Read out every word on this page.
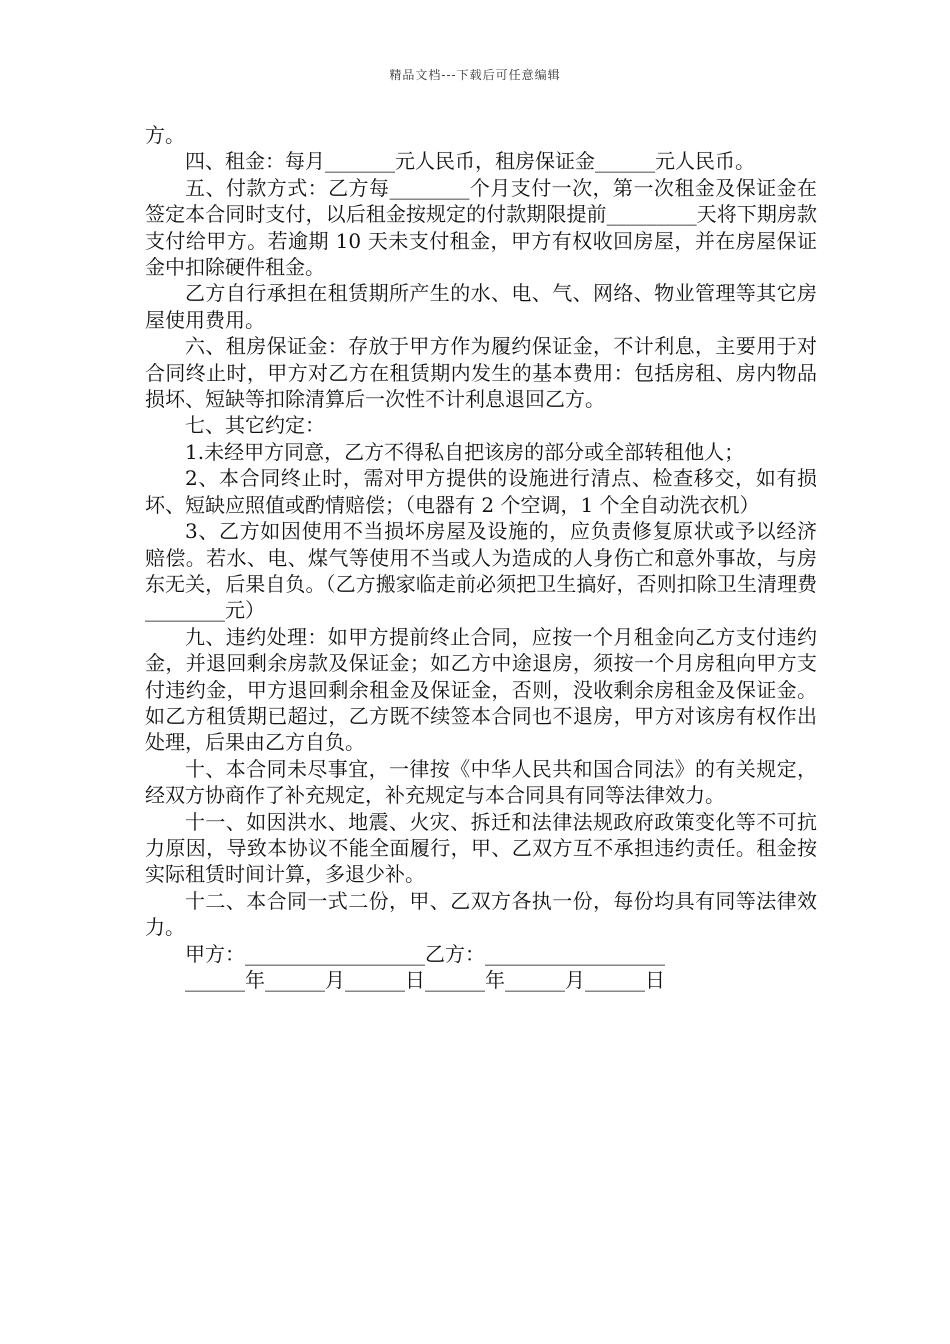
精品文档---下载后可任意编辑

方。

四、租金：每月_______元人民币，租房保证金______元人民币。

五、付款方式：乙方每________个月支付一次，第一次租金及保证金在签定本合同时支付，以后租金按规定的付款期限提前_________天将下期房款支付给甲方。若逾期 10 天未支付租金，甲方有权收回房屋，并在房屋保证金中扣除硬件租金。

乙方自行承担在租赁期所产生的水、电、气、网络、物业管理等其它房屋使用费用。

六、租房保证金：存放于甲方作为履约保证金，不计利息，主要用于对合同终止时，甲方对乙方在租赁期内发生的基本费用：包括房租、房内物品损坏、短缺等扣除清算后一次性不计利息退回乙方。

七、其它约定：

1.未经甲方同意，乙方不得私自把该房的部分或全部转租他人；

2、本合同终止时，需对甲方提供的设施进行清点、检查移交，如有损坏、短缺应照值或酌情赔偿；（电器有 2 个空调，1 个全自动洗衣机）

3、乙方如因使用不当损坏房屋及设施的，应负责修复原状或予以经济赔偿。若水、电、煤气等使用不当或人为造成的人身伤亡和意外事故，与房东无关，后果自负。（乙方搬家临走前必须把卫生搞好，否则扣除卫生清理费________元）

九、违约处理：如甲方提前终止合同，应按一个月租金向乙方支付违约金，并退回剩余房款及保证金；如乙方中途退房，须按一个月房租向甲方支付违约金，甲方退回剩余租金及保证金，否则，没收剩余房租金及保证金。如乙方租赁期已超过，乙方既不续签本合同也不退房，甲方对该房有权作出处理，后果由乙方自负。

十、本合同未尽事宜，一律按《中华人民共和国合同法》的有关规定，经双方协商作了补充规定，补充规定与本合同具有同等法律效力。

十一、如因洪水、地震、火灾、拆迁和法律法规政府政策变化等不可抗力原因，导致本协议不能全面履行，甲、乙双方互不承担违约责任。租金按实际租赁时间计算，多退少补。

十二、本合同一式二份，甲、乙双方各执一份，每份均具有同等法律效力。

甲方：__________________乙方：__________________

______年______月______日______年______月______日
